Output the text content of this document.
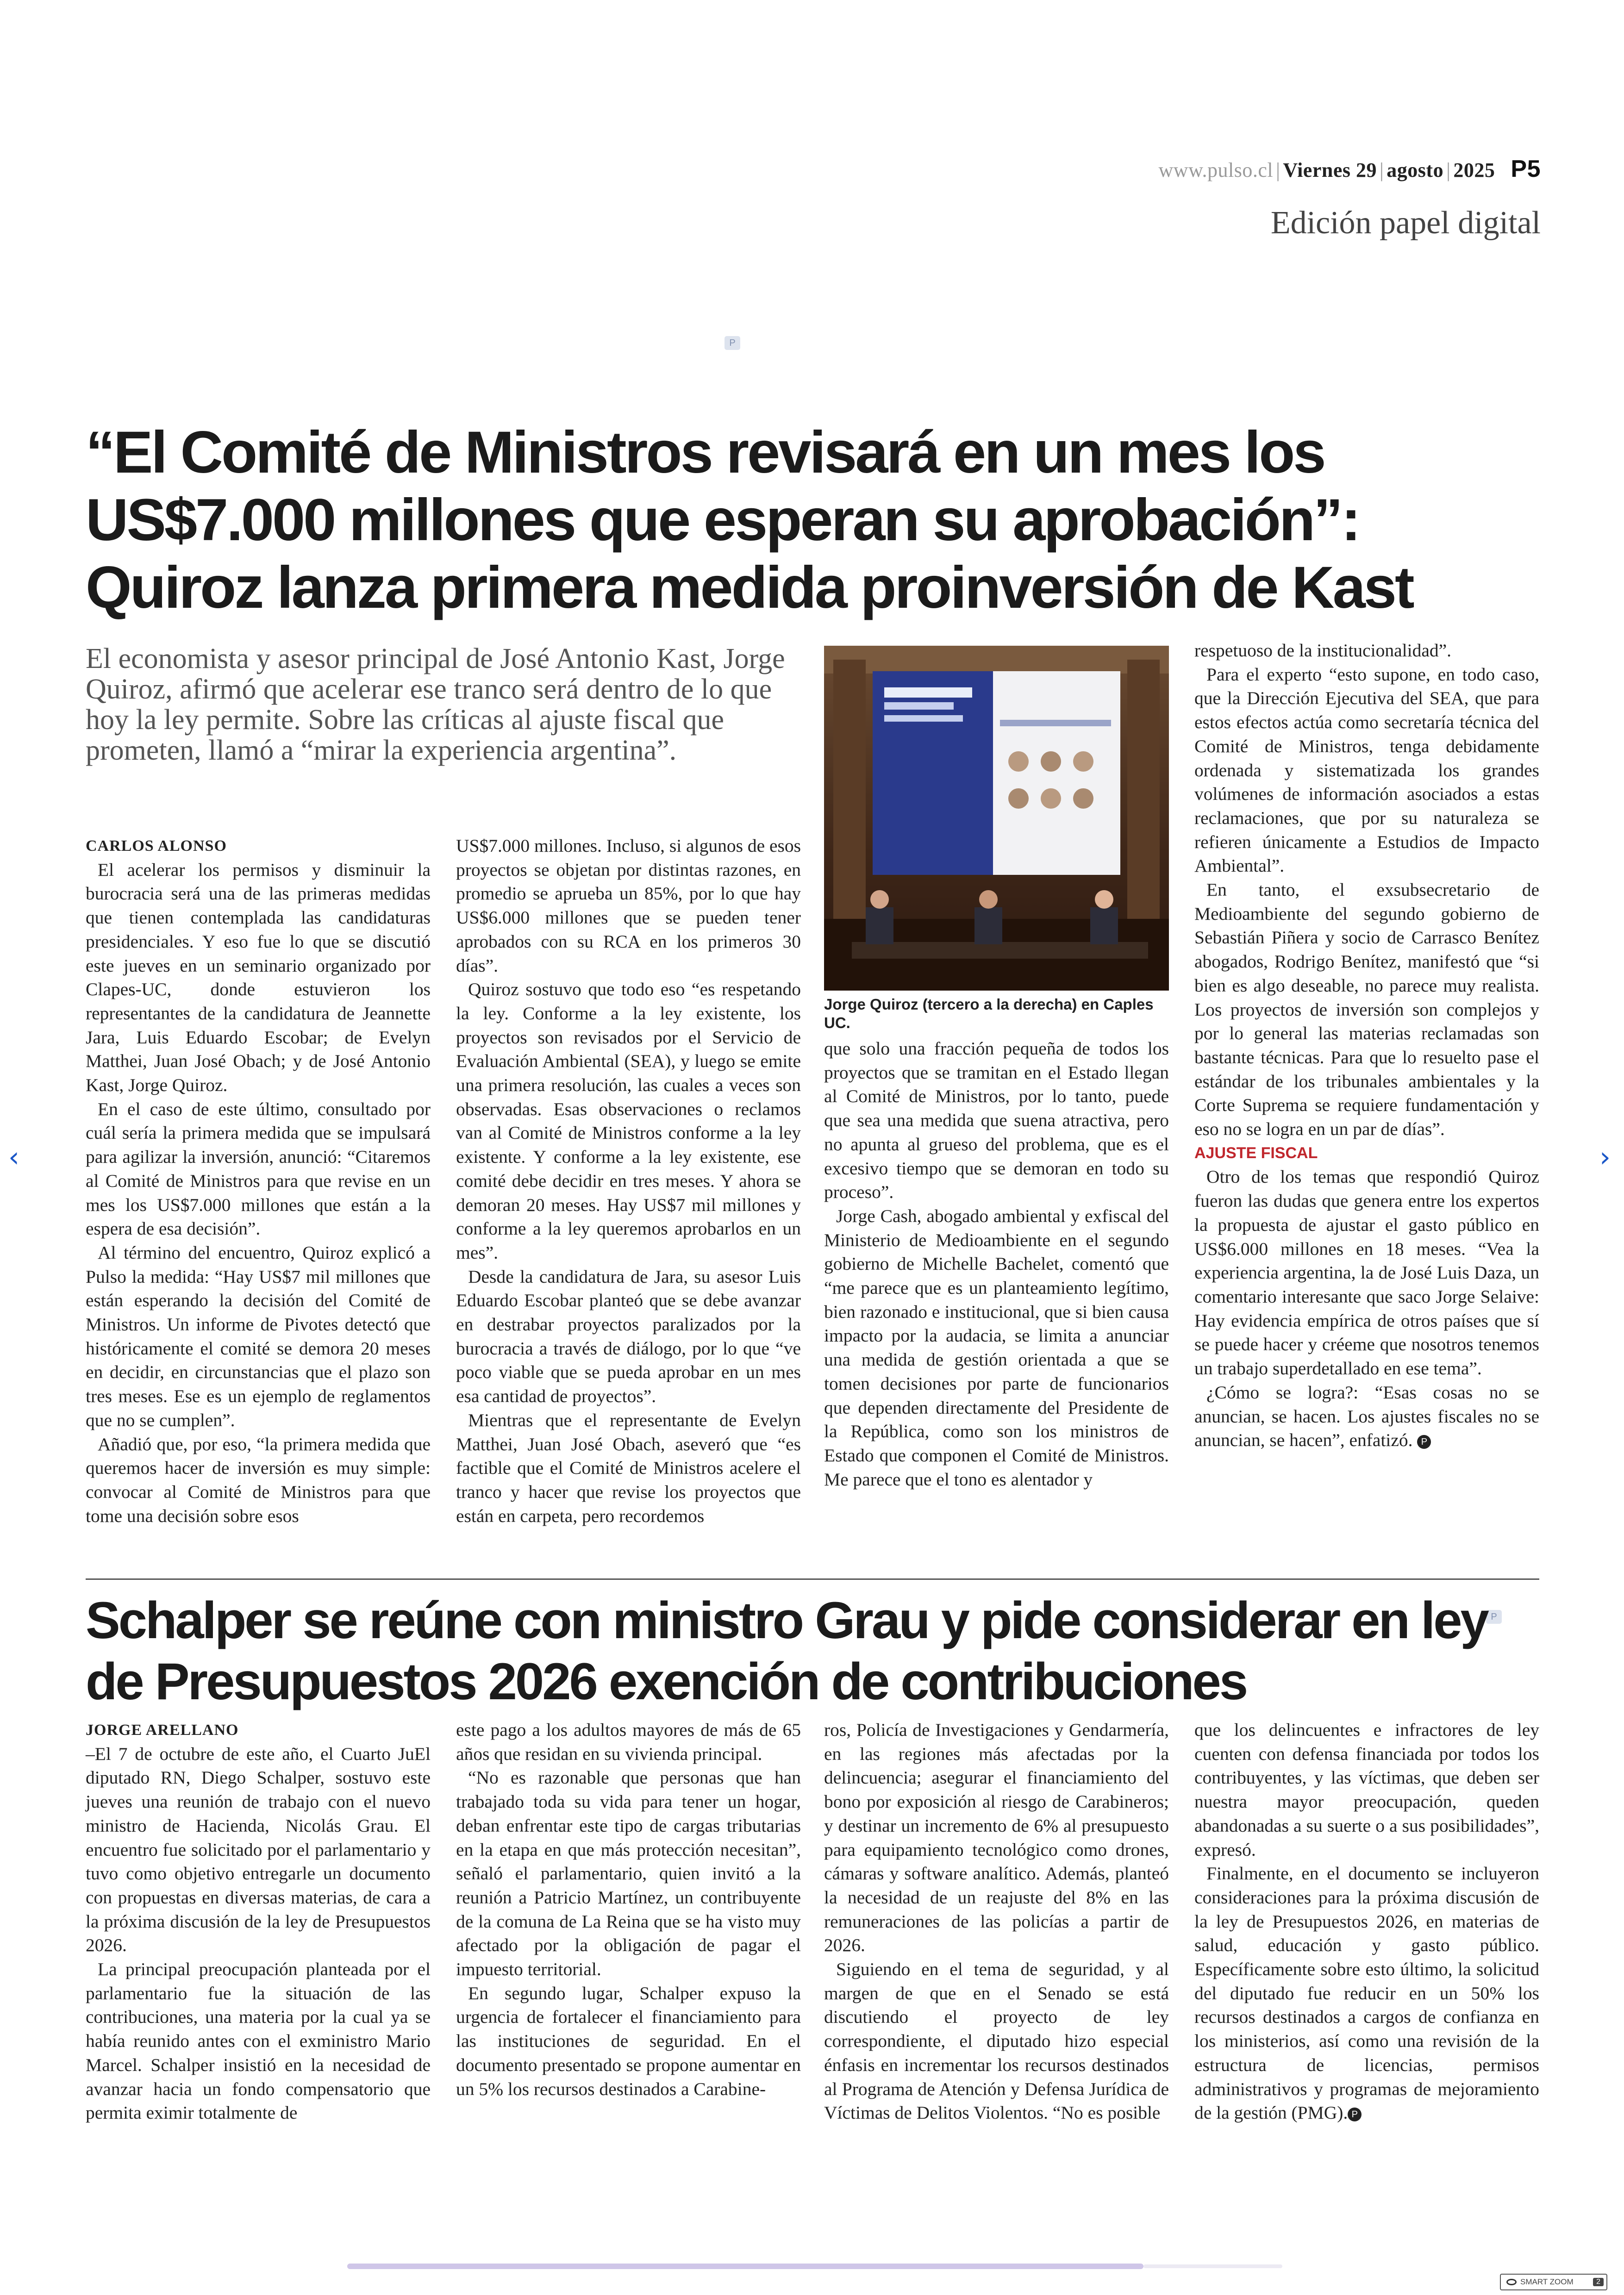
www.pulso.cl | Viernes 29 | agosto | 2025 P5
Edición papel digital
P
“El Comité de Ministros revisará en un mes los US$7.000 millones que esperan su aprobación”: Quiroz lanza primera medida proinversión de Kast
El economista y asesor principal de José Antonio Kast, Jorge Quiroz, afirmó que acelerar ese tranco será dentro de lo que hoy la ley permite. Sobre las críticas al ajuste fiscal que prometen, llamó a “mirar la experiencia argentina”.

CARLOS ALONSO

El acelerar los permisos y disminuir la burocracia será una de las primeras medidas que tienen contemplada las candidaturas presidenciales. Y eso fue lo que se discutió este jueves en un seminario organizado por Clapes-UC, donde estuvieron los representantes de la candidatura de Jeannette Jara, Luis Eduardo Escobar; de Evelyn Matthei, Juan José Obach; y de José Antonio Kast, Jorge Quiroz.

En el caso de este último, consultado por cuál sería la primera medida que se impulsará para agilizar la inversión, anunció: “Citaremos al Comité de Ministros para que revise en un mes los US$7.000 millones que están a la espera de esa decisión”.

Al término del encuentro, Quiroz explicó a Pulso la medida: “Hay US$7 mil millones que están esperando la decisión del Comité de Ministros. Un informe de Pivotes detectó que históricamente el comité se demora 20 meses en decidir, en circunstancias que el plazo son tres meses. Ese es un ejemplo de reglamentos que no se cumplen”.

Añadió que, por eso, “la primera medida que queremos hacer de inversión es muy simple: convocar al Comité de Ministros para que tome una decisión sobre esos

US$7.000 millones. Incluso, si algunos de esos proyectos se objetan por distintas razones, en promedio se aprueba un 85%, por lo que hay US$6.000 millones que se pueden tener aprobados con su RCA en los primeros 30 días”.

Quiroz sostuvo que todo eso “es respetando la ley. Conforme a la ley existente, los proyectos son revisados por el Servicio de Evaluación Ambiental (SEA), y luego se emite una primera resolución, las cuales a veces son observadas. Esas observaciones o reclamos van al Comité de Ministros conforme a la ley existente. Y conforme a la ley existente, ese comité debe decidir en tres meses. Y ahora se demoran 20 meses. Hay US$7 mil millones y conforme a la ley queremos aprobarlos en un mes”.

Desde la candidatura de Jara, su asesor Luis Eduardo Escobar planteó que se debe avanzar en destrabar proyectos paralizados por la burocracia a través de diálogo, por lo que “ve poco viable que se pueda aprobar en un mes esa cantidad de proyectos”.

Mientras que el representante de Evelyn Matthei, Juan José Obach, aseveró que “es factible que el Comité de Ministros acelere el tranco y hacer que revise los proyectos que están en carpeta, pero recordemos

Jorge Quiroz (tercero a la derecha) en Caples UC.

que solo una fracción pequeña de todos los proyectos que se tramitan en el Estado llegan al Comité de Ministros, por lo tanto, puede que sea una medida que suena atractiva, pero no apunta al grueso del problema, que es el excesivo tiempo que se demoran en todo su proceso”.

Jorge Cash, abogado ambiental y exfiscal del Ministerio de Medioambiente en el segundo gobierno de Michelle Bachelet, comentó que “me parece que es un planteamiento legítimo, bien razonado e institucional, que si bien causa impacto por la audacia, se limita a anunciar una medida de gestión orientada a que se tomen decisiones por parte de funcionarios que dependen directamente del Presidente de la República, como son los ministros de Estado que componen el Comité de Ministros. Me parece que el tono es alentador y

respetuoso de la institucionalidad”.

Para el experto “esto supone, en todo caso, que la Dirección Ejecutiva del SEA, que para estos efectos actúa como secretaría técnica del Comité de Ministros, tenga debidamente ordenada y sistematizada los grandes volúmenes de información asociados a estas reclamaciones, que por su naturaleza se refieren únicamente a Estudios de Impacto Ambiental”.

En tanto, el exsubsecretario de Medioambiente del segundo gobierno de Sebastián Piñera y socio de Carrasco Benítez abogados, Rodrigo Benítez, manifestó que “si bien es algo deseable, no parece muy realista. Los proyectos de inversión son complejos y por lo general las materias reclamadas son bastante técnicas. Para que lo resuelto pase el estándar de los tribunales ambientales y la Corte Suprema se requiere fundamentación y eso no se logra en un par de días”.

AJUSTE FISCAL

Otro de los temas que respondió Quiroz fueron las dudas que genera entre los expertos la propuesta de ajustar el gasto público en US$6.000 millones en 18 meses. “Vea la experiencia argentina, la de José Luis Daza, un comentario interesante que saco Jorge Selaive: Hay evidencia empírica de otros países que sí se puede hacer y créeme que nosotros tenemos un trabajo superdetallado en ese tema”.

¿Cómo se logra?: “Esas cosas no se anuncian, se hacen. Los ajustes fiscales no se anuncian, se hacen”, enfatizó. P

P
Schalper se reúne con ministro Grau y pide considerar en ley de Presupuestos 2026 exención de contribuciones

JORGE ARELLANO

–El 7 de octubre de este año, el Cuarto JuEl diputado RN, Diego Schalper, sostuvo este jueves una reunión de trabajo con el nuevo ministro de Hacienda, Nicolás Grau. El encuentro fue solicitado por el parlamentario y tuvo como objetivo entregarle un documento con propuestas en diversas materias, de cara a la próxima discusión de la ley de Presupuestos 2026.

La principal preocupación planteada por el parlamentario fue la situación de las contribuciones, una materia por la cual ya se había reunido antes con el exministro Mario Marcel. Schalper insistió en la necesidad de avanzar hacia un fondo compensatorio que permita eximir totalmente de

este pago a los adultos mayores de más de 65 años que residan en su vivienda principal.

“No es razonable que personas que han trabajado toda su vida para tener un hogar, deban enfrentar este tipo de cargas tributarias en la etapa en que más protección necesitan”, señaló el parlamentario, quien invitó a la reunión a Patricio Martínez, un contribuyente de la comuna de La Reina que se ha visto muy afectado por la obligación de pagar el impuesto territorial.

En segundo lugar, Schalper expuso la urgencia de fortalecer el financiamiento para las instituciones de seguridad. En el documento presentado se propone aumentar en un 5% los recursos destinados a Carabine-

ros, Policía de Investigaciones y Gendarmería, en las regiones más afectadas por la delincuencia; asegurar el financiamiento del bono por exposición al riesgo de Carabineros; y destinar un incremento de 6% al presupuesto para equipamiento tecnológico como drones, cámaras y software analítico. Además, planteó la necesidad de un reajuste del 8% en las remuneraciones de las policías a partir de 2026.

Siguiendo en el tema de seguridad, y al margen de que en el Senado se está discutiendo el proyecto de ley correspondiente, el diputado hizo especial énfasis en incrementar los recursos destinados al Programa de Atención y Defensa Jurídica de Víctimas de Delitos Violentos. “No es posible

que los delincuentes e infractores de ley cuenten con defensa financiada por todos los contribuyentes, y las víctimas, que deben ser nuestra mayor preocupación, queden abandonadas a su suerte o a sus posibilidades”, expresó.

Finalmente, en el documento se incluyeron consideraciones para la próxima discusión de la ley de Presupuestos 2026, en materias de salud, educación y gasto público. Específicamente sobre esto último, la solicitud del diputado fue reducir en un 50% los recursos destinados a cargos de confianza en los ministerios, así como una revisión de la estructura de licencias, permisos administrativos y programas de mejoramiento de la gestión (PMG). P

‹	›
SMART ZOOM	2
